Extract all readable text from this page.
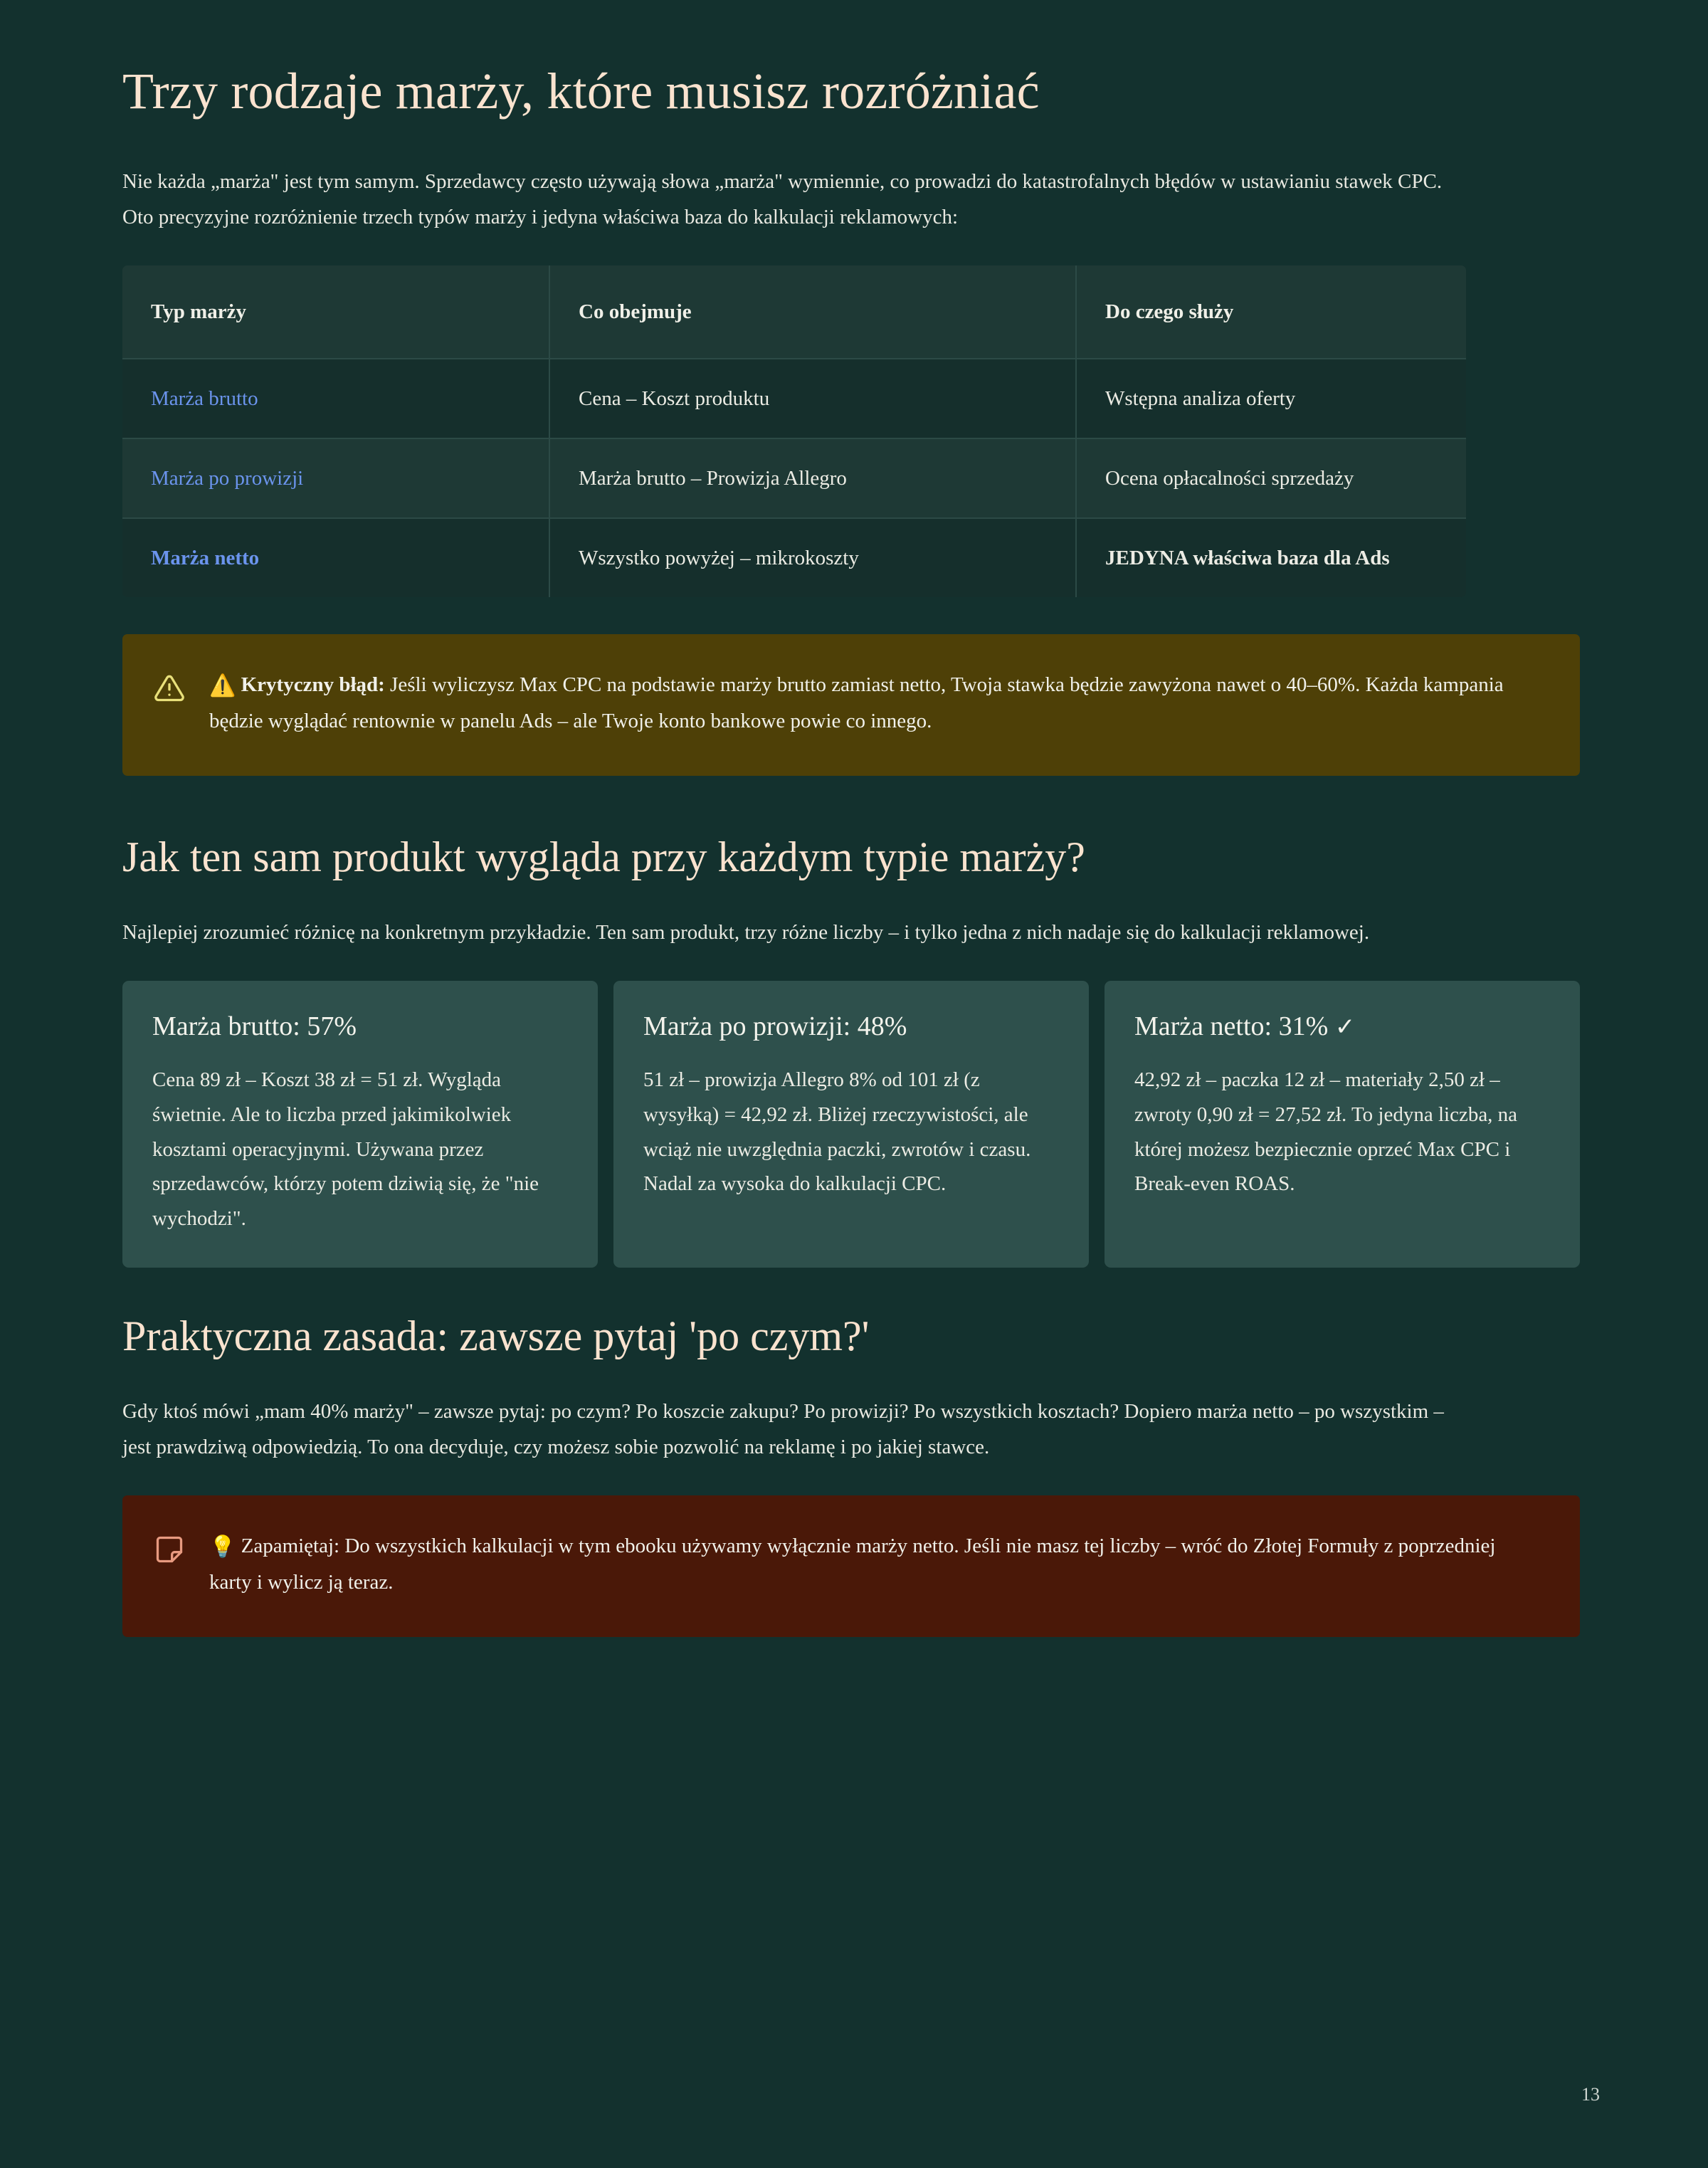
Trzy rodzaje marży, które musisz rozróżniać

Nie każda „marża" jest tym samym. Sprzedawcy często używają słowa „marża" wymiennie, co prowadzi do katastrofalnych błędów w ustawianiu stawek CPC. Oto precyzyjne rozróżnienie trzech typów marży i jedyna właściwa baza do kalkulacji reklamowych:

Typ marży	Co obejmuje	Do czego służy
Marża brutto	Cena – Koszt produktu	Wstępna analiza oferty
Marża po prowizji	Marża brutto – Prowizja Allegro	Ocena opłacalności sprzedaży
Marża netto	Wszystko powyżej – mikrokoszty	JEDYNA właściwa baza dla Ads
⚠️ Krytyczny błąd: Jeśli wyliczysz Max CPC na podstawie marży brutto zamiast netto, Twoja stawka będzie zawyżona nawet o 40–60%. Każda kampania będzie wyglądać rentownie w panelu Ads – ale Twoje konto bankowe powie co innego.
Jak ten sam produkt wygląda przy każdym typie marży?

Najlepiej zrozumieć różnicę na konkretnym przykładzie. Ten sam produkt, trzy różne liczby – i tylko jedna z nich nadaje się do kalkulacji reklamowej.

Marża brutto: 57%

Cena 89 zł – Koszt 38 zł = 51 zł. Wygląda świetnie. Ale to liczba przed jakimikolwiek kosztami operacyjnymi. Używana przez sprzedawców, którzy potem dziwią się, że "nie wychodzi".

Marża po prowizji: 48%

51 zł – prowizja Allegro 8% od 101 zł (z wysyłką) = 42,92 zł. Bliżej rzeczywistości, ale wciąż nie uwzględnia paczki, zwrotów i czasu. Nadal za wysoka do kalkulacji CPC.

Marża netto: 31% ✓

42,92 zł – paczka 12 zł – materiały 2,50 zł – zwroty 0,90 zł = 27,52 zł. To jedyna liczba, na której możesz bezpiecznie oprzeć Max CPC i Break-even ROAS.

Praktyczna zasada: zawsze pytaj 'po czym?'

Gdy ktoś mówi „mam 40% marży" – zawsze pytaj: po czym? Po koszcie zakupu? Po prowizji? Po wszystkich kosztach? Dopiero marża netto – po wszystkim – jest prawdziwą odpowiedzią. To ona decyduje, czy możesz sobie pozwolić na reklamę i po jakiej stawce.

💡 Zapamiętaj: Do wszystkich kalkulacji w tym ebooku używamy wyłącznie marży netto. Jeśli nie masz tej liczby – wróć do Złotej Formuły z poprzedniej karty i wylicz ją teraz.
13
